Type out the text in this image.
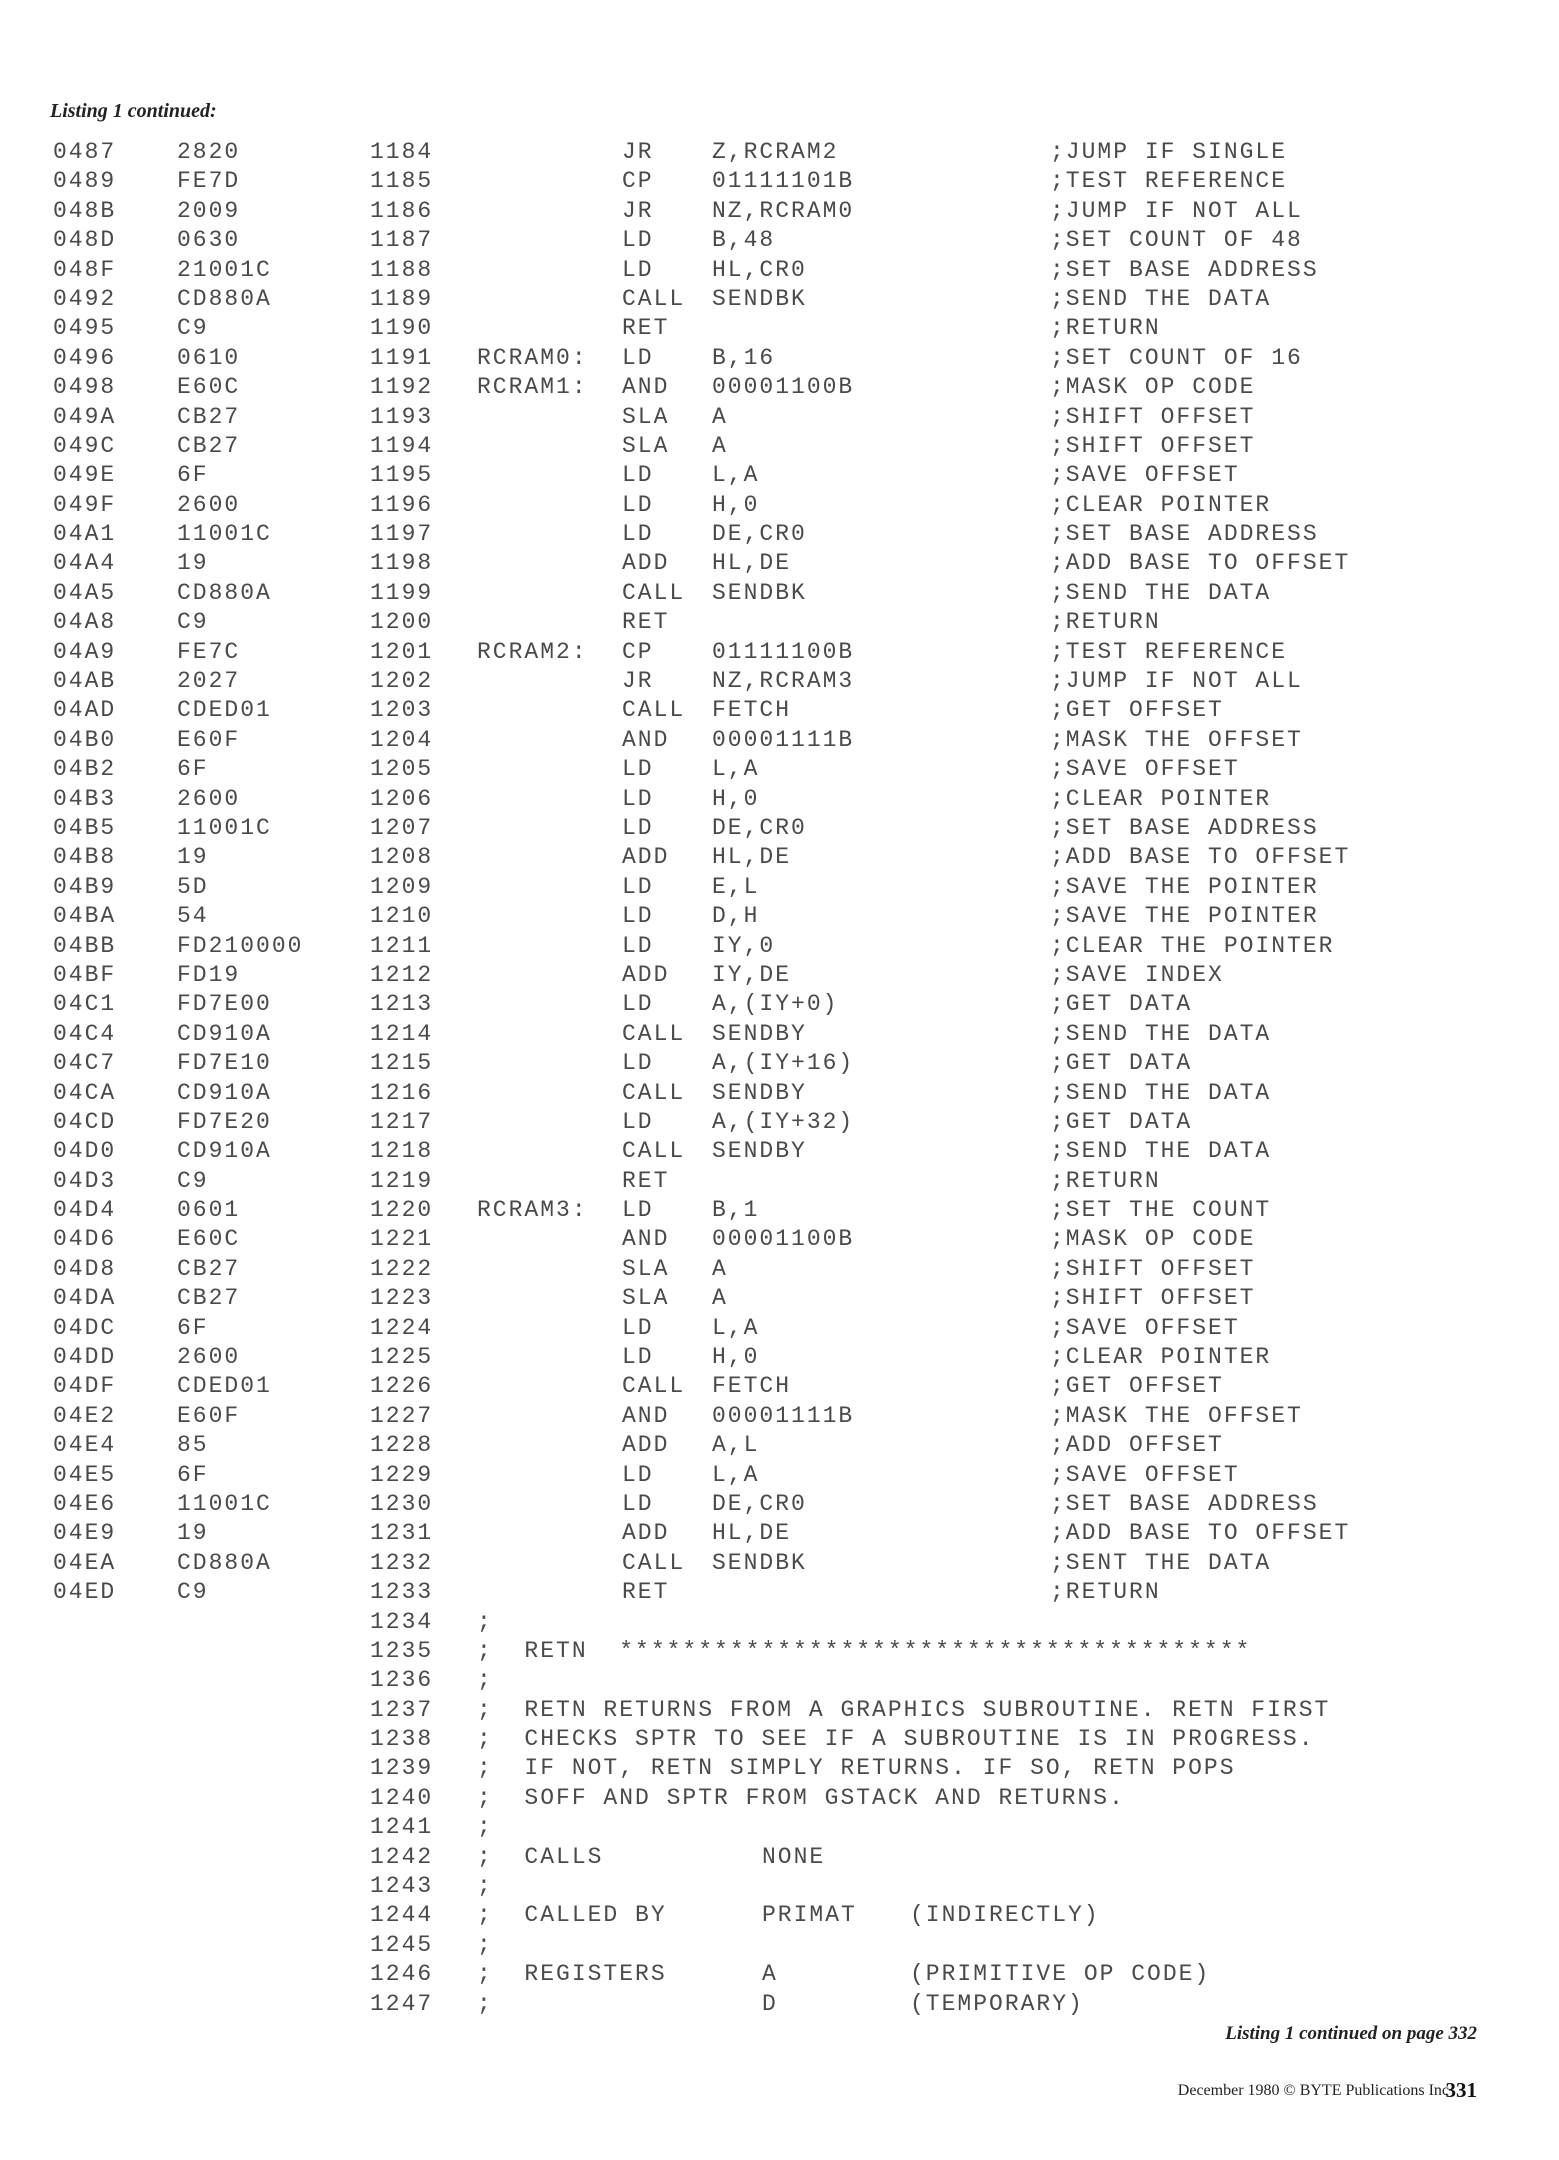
Listing 1 continued:
0487	2820	1184	JR	Z,RCRAM2	;JUMP IF SINGLE
0489	FE7D	1185	CP	01111101B	;TEST REFERENCE
048B	2009	1186	JR	NZ,RCRAM0	;JUMP IF NOT ALL
048D	0630	1187	LD	B,48	;SET COUNT OF 48
048F	21001C	1188	LD	HL,CR0	;SET BASE ADDRESS
0492	CD880A	1189	CALL SENDBK	;SEND THE DATA
0495	C9	1190	RET	;RETURN
0496	0610	1191 RCRAM0: LD	B,16	;SET COUNT OF 16
0498	E60C	1192 RCRAM1: AND 00001100B	;MASK OP CODE
049A	CB27	1193	SLA A	;SHIFT OFFSET
049C	CB27	1194	SLA A	;SHIFT OFFSET
049E	6F	1195	LD	L,A	;SAVE OFFSET
049F	2600	1196	LD	H,0	;CLEAR POINTER
04A1	11001C	1197	LD	DE,CR0	;SET BASE ADDRESS
04A4	19	1198	ADD HL,DE	;ADD BASE TO OFFSET
04A5	CD880A	1199	CALL SENDBK	;SEND THE DATA
04A8	C9	1200	RET	;RETURN
04A9	FE7C	1201 RCRAM2: CP	01111100B	;TEST REFERENCE
04AB	2027	1202	JR	NZ,RCRAM3	;JUMP IF NOT ALL
04AD	CDED01	1203	CALL FETCH	;GET OFFSET
04B0	E60F	1204	AND 00001111B	;MASK THE OFFSET
04B2	6F	1205	LD	L,A	;SAVE OFFSET
04B3	2600	1206	LD	H,0	;CLEAR POINTER
04B5	11001C	1207	LD	DE,CR0	;SET BASE ADDRESS
04B8	19	1208	ADD HL,DE	;ADD BASE TO OFFSET
04B9	5D	1209	LD	E,L	;SAVE THE POINTER
04BA	54	1210	LD	D,H	;SAVE THE POINTER
04BB	FD210000	1211	LD	IY,0	;CLEAR THE POINTER
04BF	FD19	1212	ADD IY,DE	;SAVE INDEX
04C1	FD7E00	1213	LD	A,(IY+0)	;GET DATA
04C4	CD910A	1214	CALL SENDBY	;SEND THE DATA
04C7	FD7E10	1215	LD	A,(IY+16)	;GET DATA
04CA	CD910A	1216	CALL SENDBY	;SEND THE DATA
04CD	FD7E20	1217	LD	A,(IY+32)	;GET DATA
04D0	CD910A	1218	CALL SENDBY	;SEND THE DATA
04D3	C9	1219	RET	;RETURN
04D4	0601	1220 RCRAM3: LD	B,1	;SET THE COUNT
04D6	E60C	1221	AND 00001100B	;MASK OP CODE
04D8	CB27	1222	SLA A	;SHIFT OFFSET
04DA	CB27	1223	SLA A	;SHIFT OFFSET
04DC	6F	1224	LD	L,A	;SAVE OFFSET
04DD	2600	1225	LD	H,0	;CLEAR POINTER
04DF	CDED01	1226	CALL FETCH	;GET OFFSET
04E2	E60F	1227	AND 00001111B	;MASK THE OFFSET
04E4	85	1228	ADD A,L	;ADD OFFSET
04E5	6F	1229	LD	L,A	;SAVE OFFSET
04E6	11001C	1230	LD	DE,CR0	;SET BASE ADDRESS
04E9	19	1231	ADD HL,DE	;ADD BASE TO OFFSET
04EA	CD880A	1232	CALL SENDBK	;SENT THE DATA
04ED	C9	1233	RET	;RETURN
1234 ;
1235 ;  RETN  ****************************************
1236 ;
1237 ;  RETN RETURNS FROM A GRAPHICS SUBROUTINE. RETN FIRST
1238 ;  CHECKS SPTR TO SEE IF A SUBROUTINE IS IN PROGRESS.
1239 ;  IF NOT, RETN SIMPLY RETURNS. IF SO, RETN POPS
1240 ;  SOFF AND SPTR FROM GSTACK AND RETURNS.
1241 ;
1242 ;  CALLS	NONE
1243 ;
1244 ;  CALLED BY	PRIMAT (INDIRECTLY)
1245 ;
1246 ;  REGISTERS	A	(PRIMITIVE OP CODE)
1247 ;	D	(TEMPORARY)
Listing 1 continued on page 332
December 1980 © BYTE Publications Inc
331
